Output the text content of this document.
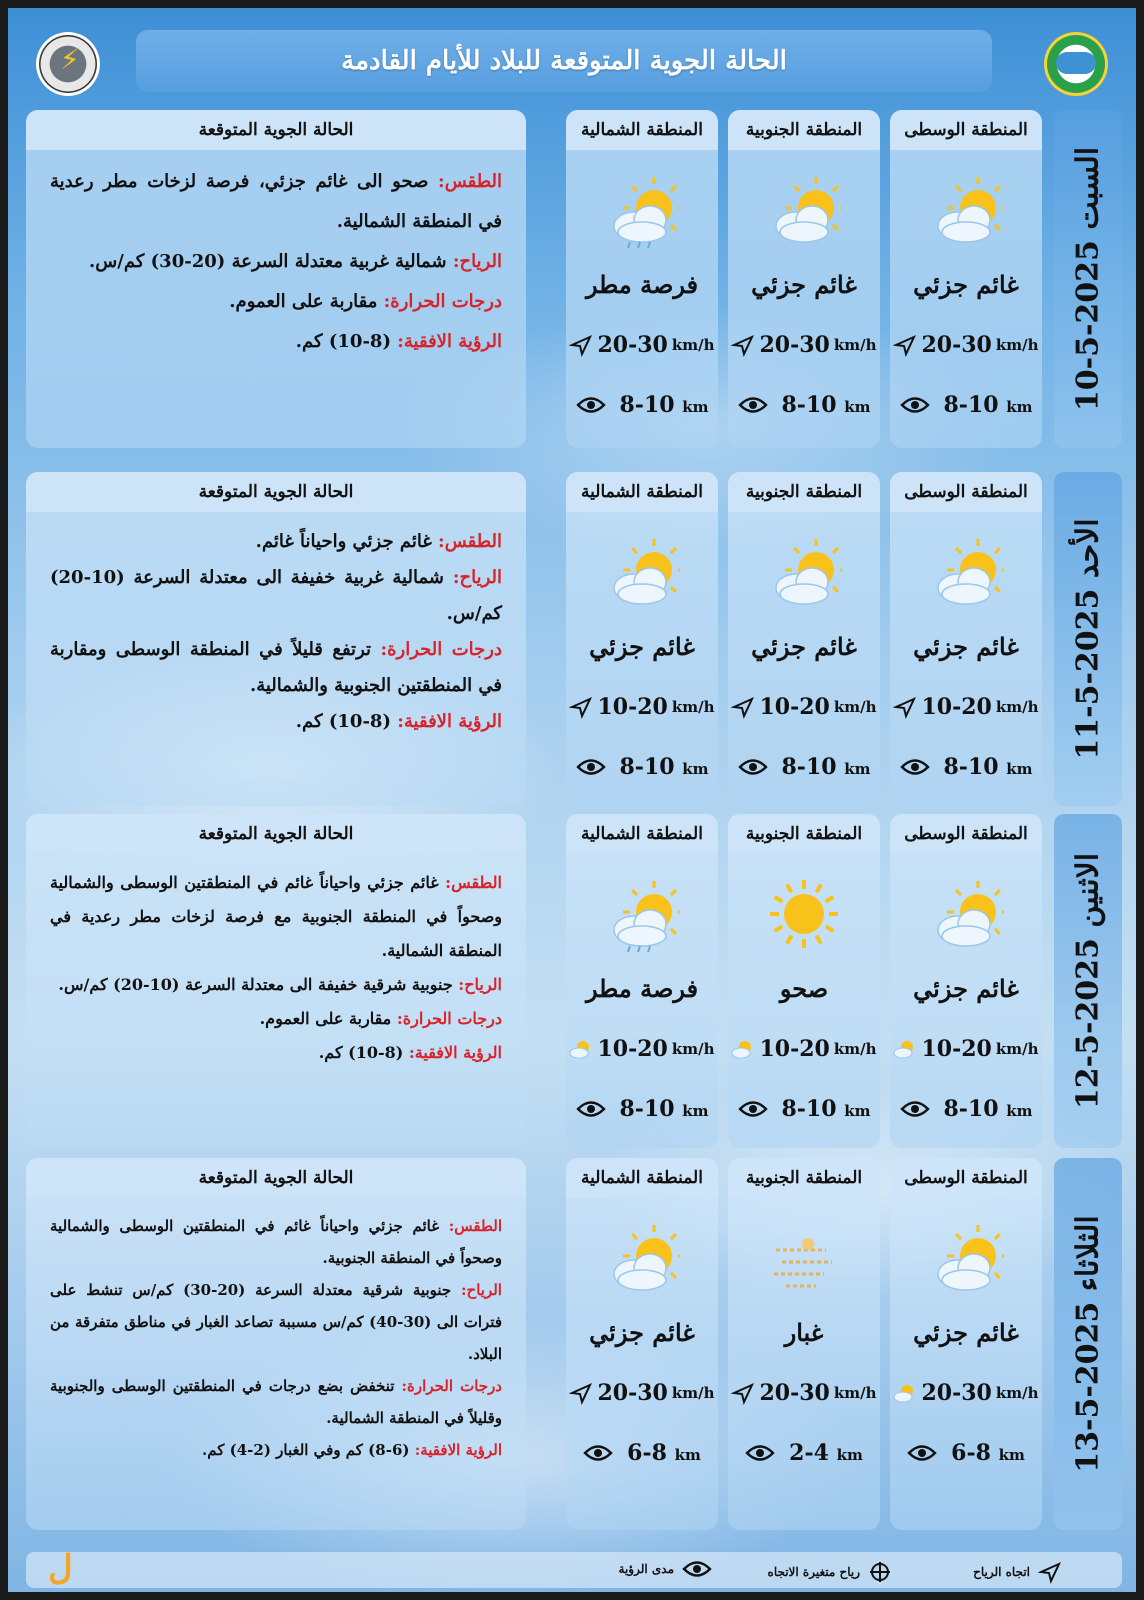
⚡	الحالة الجوية المتوقعة للبلاد للأيام القادمة
السبت 2025-5-10
المنطقة الوسطى
غائم جزئي
20-30 km/h
8-10 km
المنطقة الجنوبية
غائم جزئي
20-30 km/h
8-10 km
المنطقة الشمالية
فرصة مطر
20-30 km/h
8-10 km
الحالة الجوية المتوقعة

الطقس: صحو الى غائم جزئي، فرصة لزخات مطر رعدية في المنطقة الشمالية.

الرياح: شمالية غربية معتدلة السرعة (20-30) كم/س.

درجات الحرارة: مقاربة على العموم.

الرؤية الافقية: (8-10) كم.

الأحد 2025-5-11
المنطقة الوسطى
غائم جزئي
10-20 km/h
8-10 km
المنطقة الجنوبية
غائم جزئي
10-20 km/h
8-10 km
المنطقة الشمالية
غائم جزئي
10-20 km/h
8-10 km
الحالة الجوية المتوقعة

الطقس: غائم جزئي واحياناً غائم.

الرياح: شمالية غربية خفيفة الى معتدلة السرعة (10-20) كم/س.

درجات الحرارة: ترتفع قليلاً في المنطقة الوسطى ومقاربة في المنطقتين الجنوبية والشمالية.

الرؤية الافقية: (8-10) كم.

الاثنين 2025-5-12
المنطقة الوسطى
غائم جزئي
10-20 km/h
8-10 km
المنطقة الجنوبية
صحو
10-20 km/h
8-10 km
المنطقة الشمالية
فرصة مطر
10-20 km/h
8-10 km
الحالة الجوية المتوقعة

الطقس: غائم جزئي واحياناً غائم في المنطقتين الوسطى والشمالية وصحواً في المنطقة الجنوبية مع فرصة لزخات مطر رعدية في المنطقة الشمالية.

الرياح: جنوبية شرقية خفيفة الى معتدلة السرعة (10-20) كم/س.

درجات الحرارة: مقاربة على العموم.

الرؤية الافقية: (8-10) كم.

الثلاثاء 2025-5-13
المنطقة الوسطى
غائم جزئي
20-30 km/h
6-8 km
المنطقة الجنوبية
غبار
20-30 km/h
2-4 km
المنطقة الشمالية
غائم جزئي
20-30 km/h
6-8 km
الحالة الجوية المتوقعة

الطقس: غائم جزئي واحياناً غائم في المنطقتين الوسطى والشمالية وصحواً في المنطقة الجنوبية.

الرياح: جنوبية شرقية معتدلة السرعة (20-30) كم/س تنشط على فترات الى (30-40) كم/س مسببة تصاعد الغبار في مناطق متفرقة من البلاد.

درجات الحرارة: تنخفض بضع درجات في المنطقتين الوسطى والجنوبية وقليلاً في المنطقة الشمالية.

الرؤية الافقية: (6-8) كم وفي الغبار (2-4) كم.

اتجاه الرياح
رياح متغيرة الاتجاه
مدى الرؤية
ل
